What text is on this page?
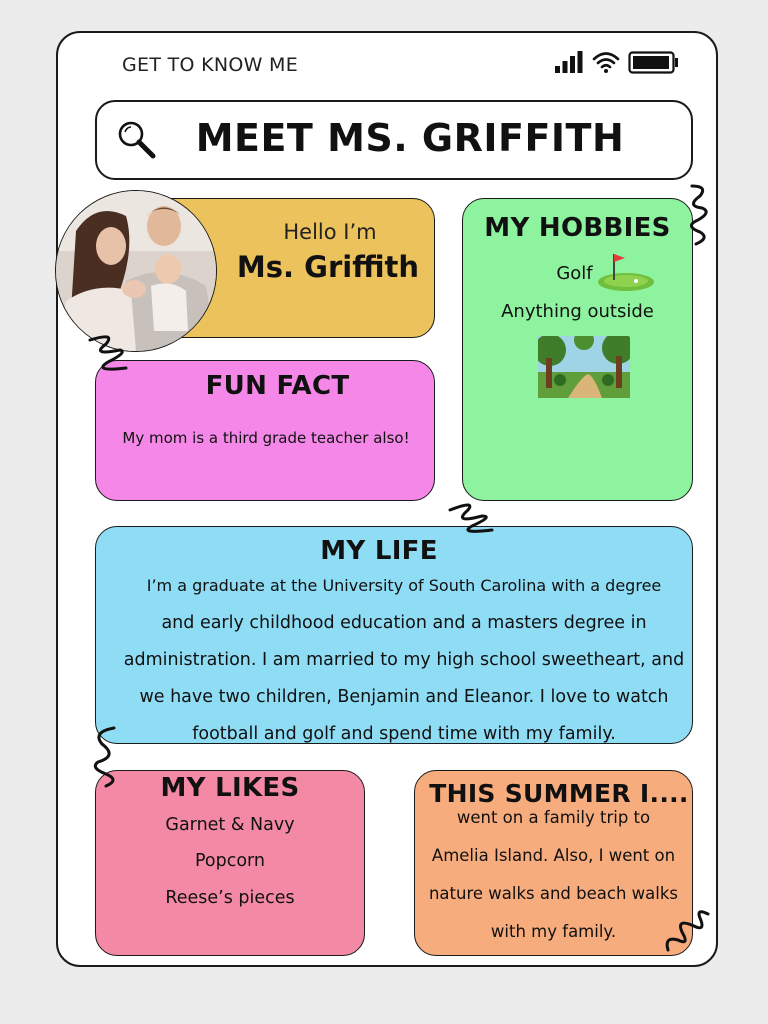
GET TO KNOW ME
MEET MS. GRIFFITH
Hello I’m
Ms. Griffith
MY HOBBIES
Golf
Anything outside
FUN FACT
My mom is a third grade teacher also!
MY LIFE
I’m a graduate at the University of South Carolina with a degree
and early childhood education and a masters degree in
administration. I am married to my high school sweetheart, and
we have two children, Benjamin and Eleanor. I love to watch
football and golf and spend time with my family.
MY LIKES
Garnet & Navy
Popcorn
Reese’s pieces
THIS SUMMER I....
went on a family trip to
Amelia Island. Also, I went on
nature walks and beach walks
with my family.
